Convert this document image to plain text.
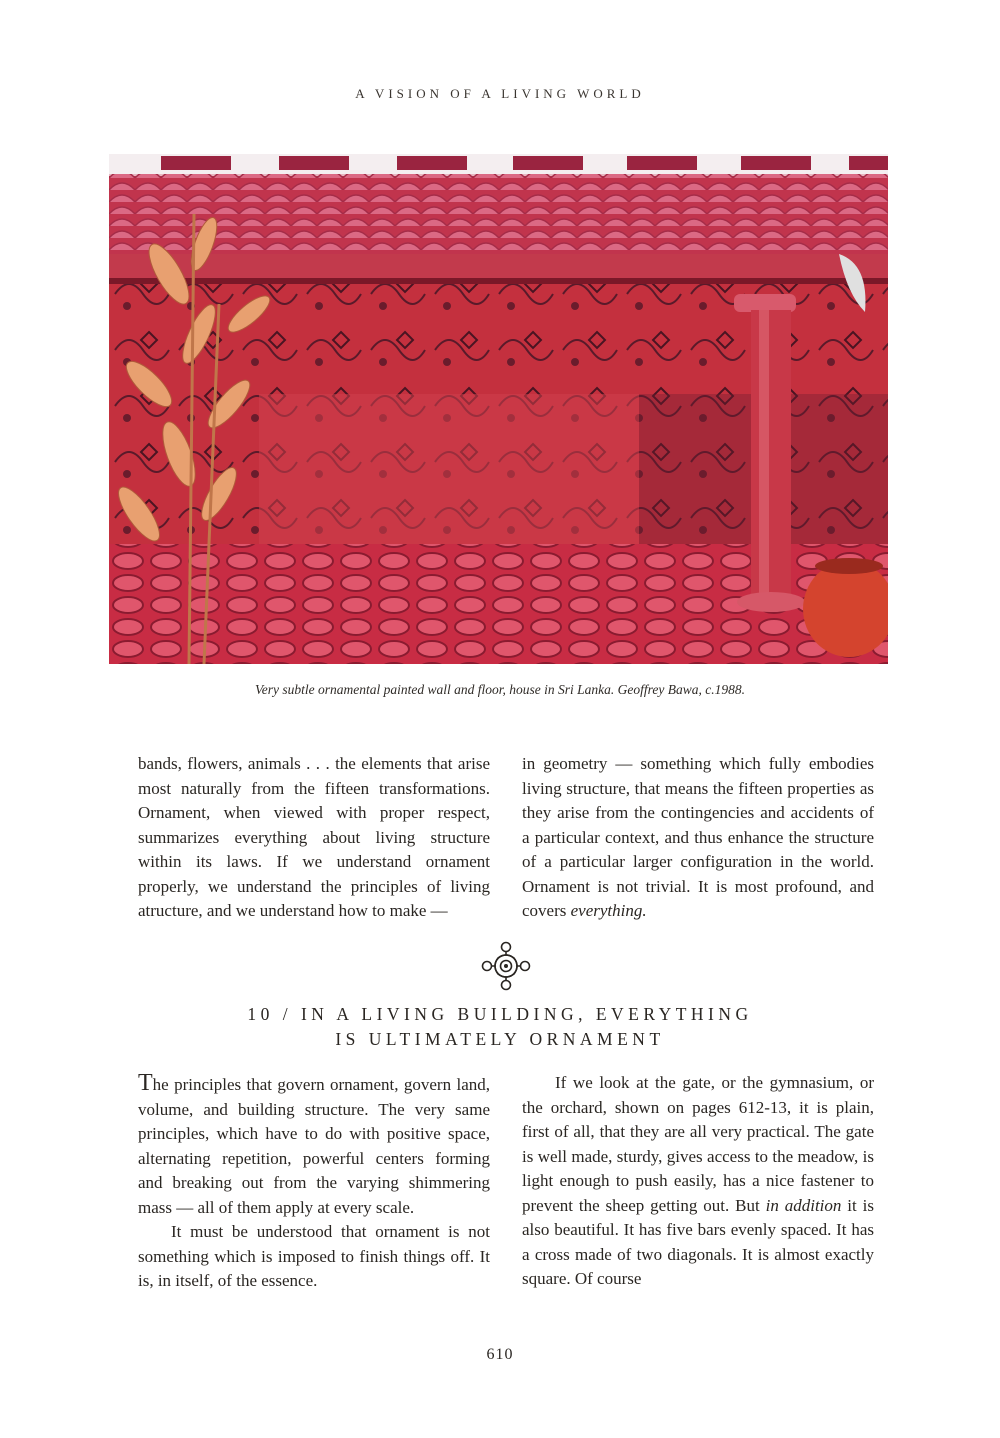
A VISION OF A LIVING WORLD
Very subtle ornamental painted wall and floor, house in Sri Lanka. Geoffrey Bawa, c.1988.

bands, flowers, animals . . . the elements that arise most naturally from the fifteen transformations. Ornament, when viewed with proper respect, summarizes everything about living structure within its laws. If we understand ornament properly, we understand the principles of living atructure, and we understand how to make —

in geometry — something which fully embodies living structure, that means the fifteen properties as they arise from the contingencies and accidents of a particular context, and thus enhance the structure of a particular larger configuration in the world. Ornament is not trivial. It is most profound, and covers everything.

10 / IN A LIVING BUILDING, EVERYTHING
IS ULTIMATELY ORNAMENT

The principles that govern ornament, govern land, volume, and building structure. The very same principles, which have to do with positive space, alternating repetition, powerful centers forming and breaking out from the varying shimmering mass — all of them apply at every scale.

It must be understood that ornament is not something which is imposed to finish things off. It is, in itself, of the essence.

If we look at the gate, or the gymnasium, or the orchard, shown on pages 612-13, it is plain, first of all, that they are all very practical. The gate is well made, sturdy, gives access to the meadow, is light enough to push easily, has a nice fastener to prevent the sheep getting out. But in addition it is also beautiful. It has five bars evenly spaced. It has a cross made of two diagonals. It is almost exactly square. Of course

610
